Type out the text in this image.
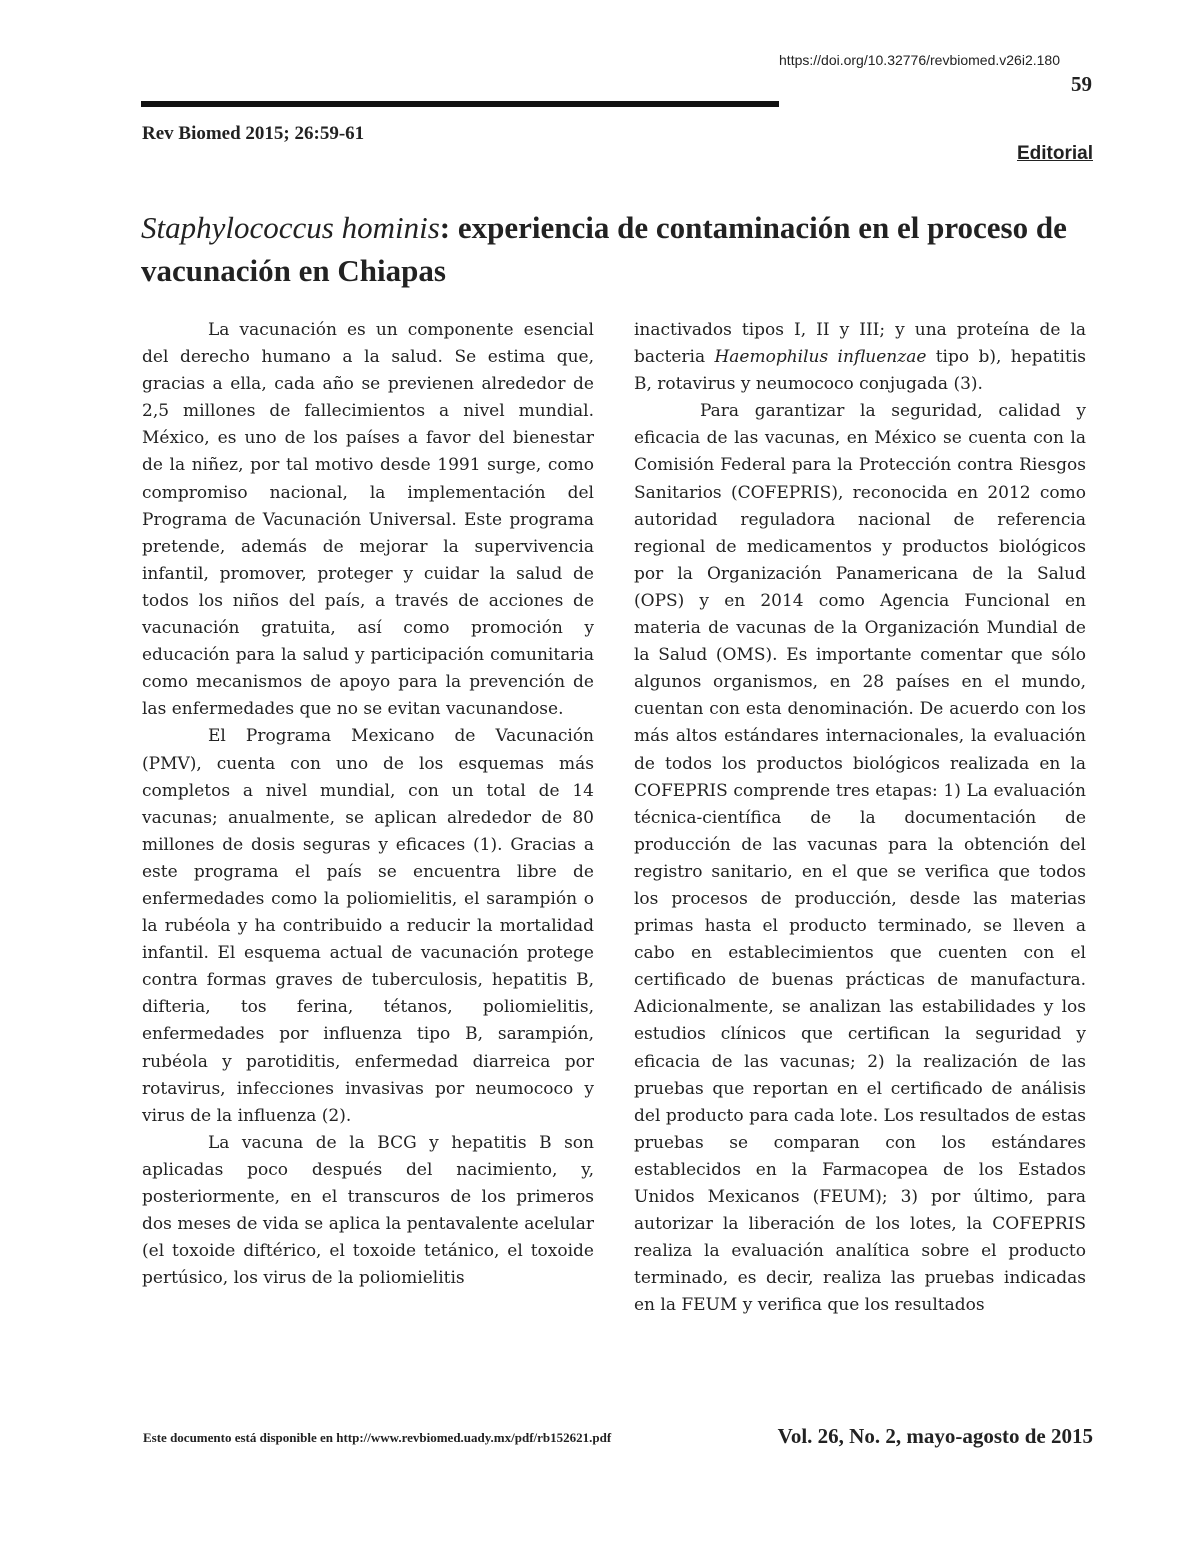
https://doi.org/10.32776/revbiomed.v26i2.180
59
Rev Biomed 2015; 26:59-61
Editorial
Staphylococcus hominis: experiencia de contaminación en el proceso de vacunación en Chiapas

La vacunación es un componente esencial del derecho humano a la salud. Se estima que, gracias a ella, cada año se previenen alrededor de 2,5 millones de fallecimientos a nivel mundial. México, es uno de los países a favor del bienestar de la niñez, por tal motivo desde 1991 surge, como compromiso nacional, la implementación del Programa de Vacunación Universal. Este programa pretende, además de mejorar la supervivencia infantil, promover, proteger y cuidar la salud de todos los niños del país, a través de acciones de vacunación gratuita, así como promoción y educación para la salud y participación comunitaria como mecanismos de apoyo para la prevención de las enfermedades que no se evitan vacunandose.

El Programa Mexicano de Vacunación (PMV), cuenta con uno de los esquemas más completos a nivel mundial, con un total de 14 vacunas; anualmente, se aplican alrededor de 80 millones de dosis seguras y eficaces (1). Gracias a este programa el país se encuentra libre de enfermedades como la poliomielitis, el sarampión o la rubéola y ha contribuido a reducir la mortalidad infantil. El esquema actual de vacunación protege contra formas graves de tuberculosis, hepatitis B, difteria, tos ferina, tétanos, poliomielitis, enfermedades por influenza tipo B, sarampión, rubéola y parotiditis, enfermedad diarreica por rotavirus, infecciones invasivas por neumococo y virus de la influenza (2).

La vacuna de la BCG y hepatitis B son aplicadas poco después del nacimiento, y, posteriormente, en el transcuros de los primeros dos meses de vida se aplica la pentavalente acelular (el toxoide diftérico, el toxoide tetánico, el toxoide pertúsico, los virus de la poliomielitis

inactivados tipos I, II y III; y una proteína de la bacteria Haemophilus influenzae tipo b), hepatitis B, rotavirus y neumococo conjugada (3).

Para garantizar la seguridad, calidad y eficacia de las vacunas, en México se cuenta con la Comisión Federal para la Protección contra Riesgos Sanitarios (COFEPRIS), reconocida en 2012 como autoridad reguladora nacional de referencia regional de medicamentos y productos biológicos por la Organización Panamericana de la Salud (OPS) y en 2014 como Agencia Funcional en materia de vacunas de la Organización Mundial de la Salud (OMS). Es importante comentar que sólo algunos organismos, en 28 países en el mundo, cuentan con esta denominación. De acuerdo con los más altos estándares internacionales, la evaluación de todos los productos biológicos realizada en la COFEPRIS comprende tres etapas: 1) La evaluación técnica-científica de la documentación de producción de las vacunas para la obtención del registro sanitario, en el que se verifica que todos los procesos de producción, desde las materias primas hasta el producto terminado, se lleven a cabo en establecimientos que cuenten con el certificado de buenas prácticas de manufactura. Adicionalmente, se analizan las estabilidades y los estudios clínicos que certifican la seguridad y eficacia de las vacunas; 2) la realización de las pruebas que reportan en el certificado de análisis del producto para cada lote. Los resultados de estas pruebas se comparan con los estándares establecidos en la Farmacopea de los Estados Unidos Mexicanos (FEUM); 3) por último, para autorizar la liberación de los lotes, la COFEPRIS realiza la evaluación analítica sobre el producto terminado, es decir, realiza las pruebas indicadas en la FEUM y verifica que los resultados

Este documento está disponible en http://www.revbiomed.uady.mx/pdf/rb152621.pdf	Vol. 26, No. 2, mayo-agosto de 2015
